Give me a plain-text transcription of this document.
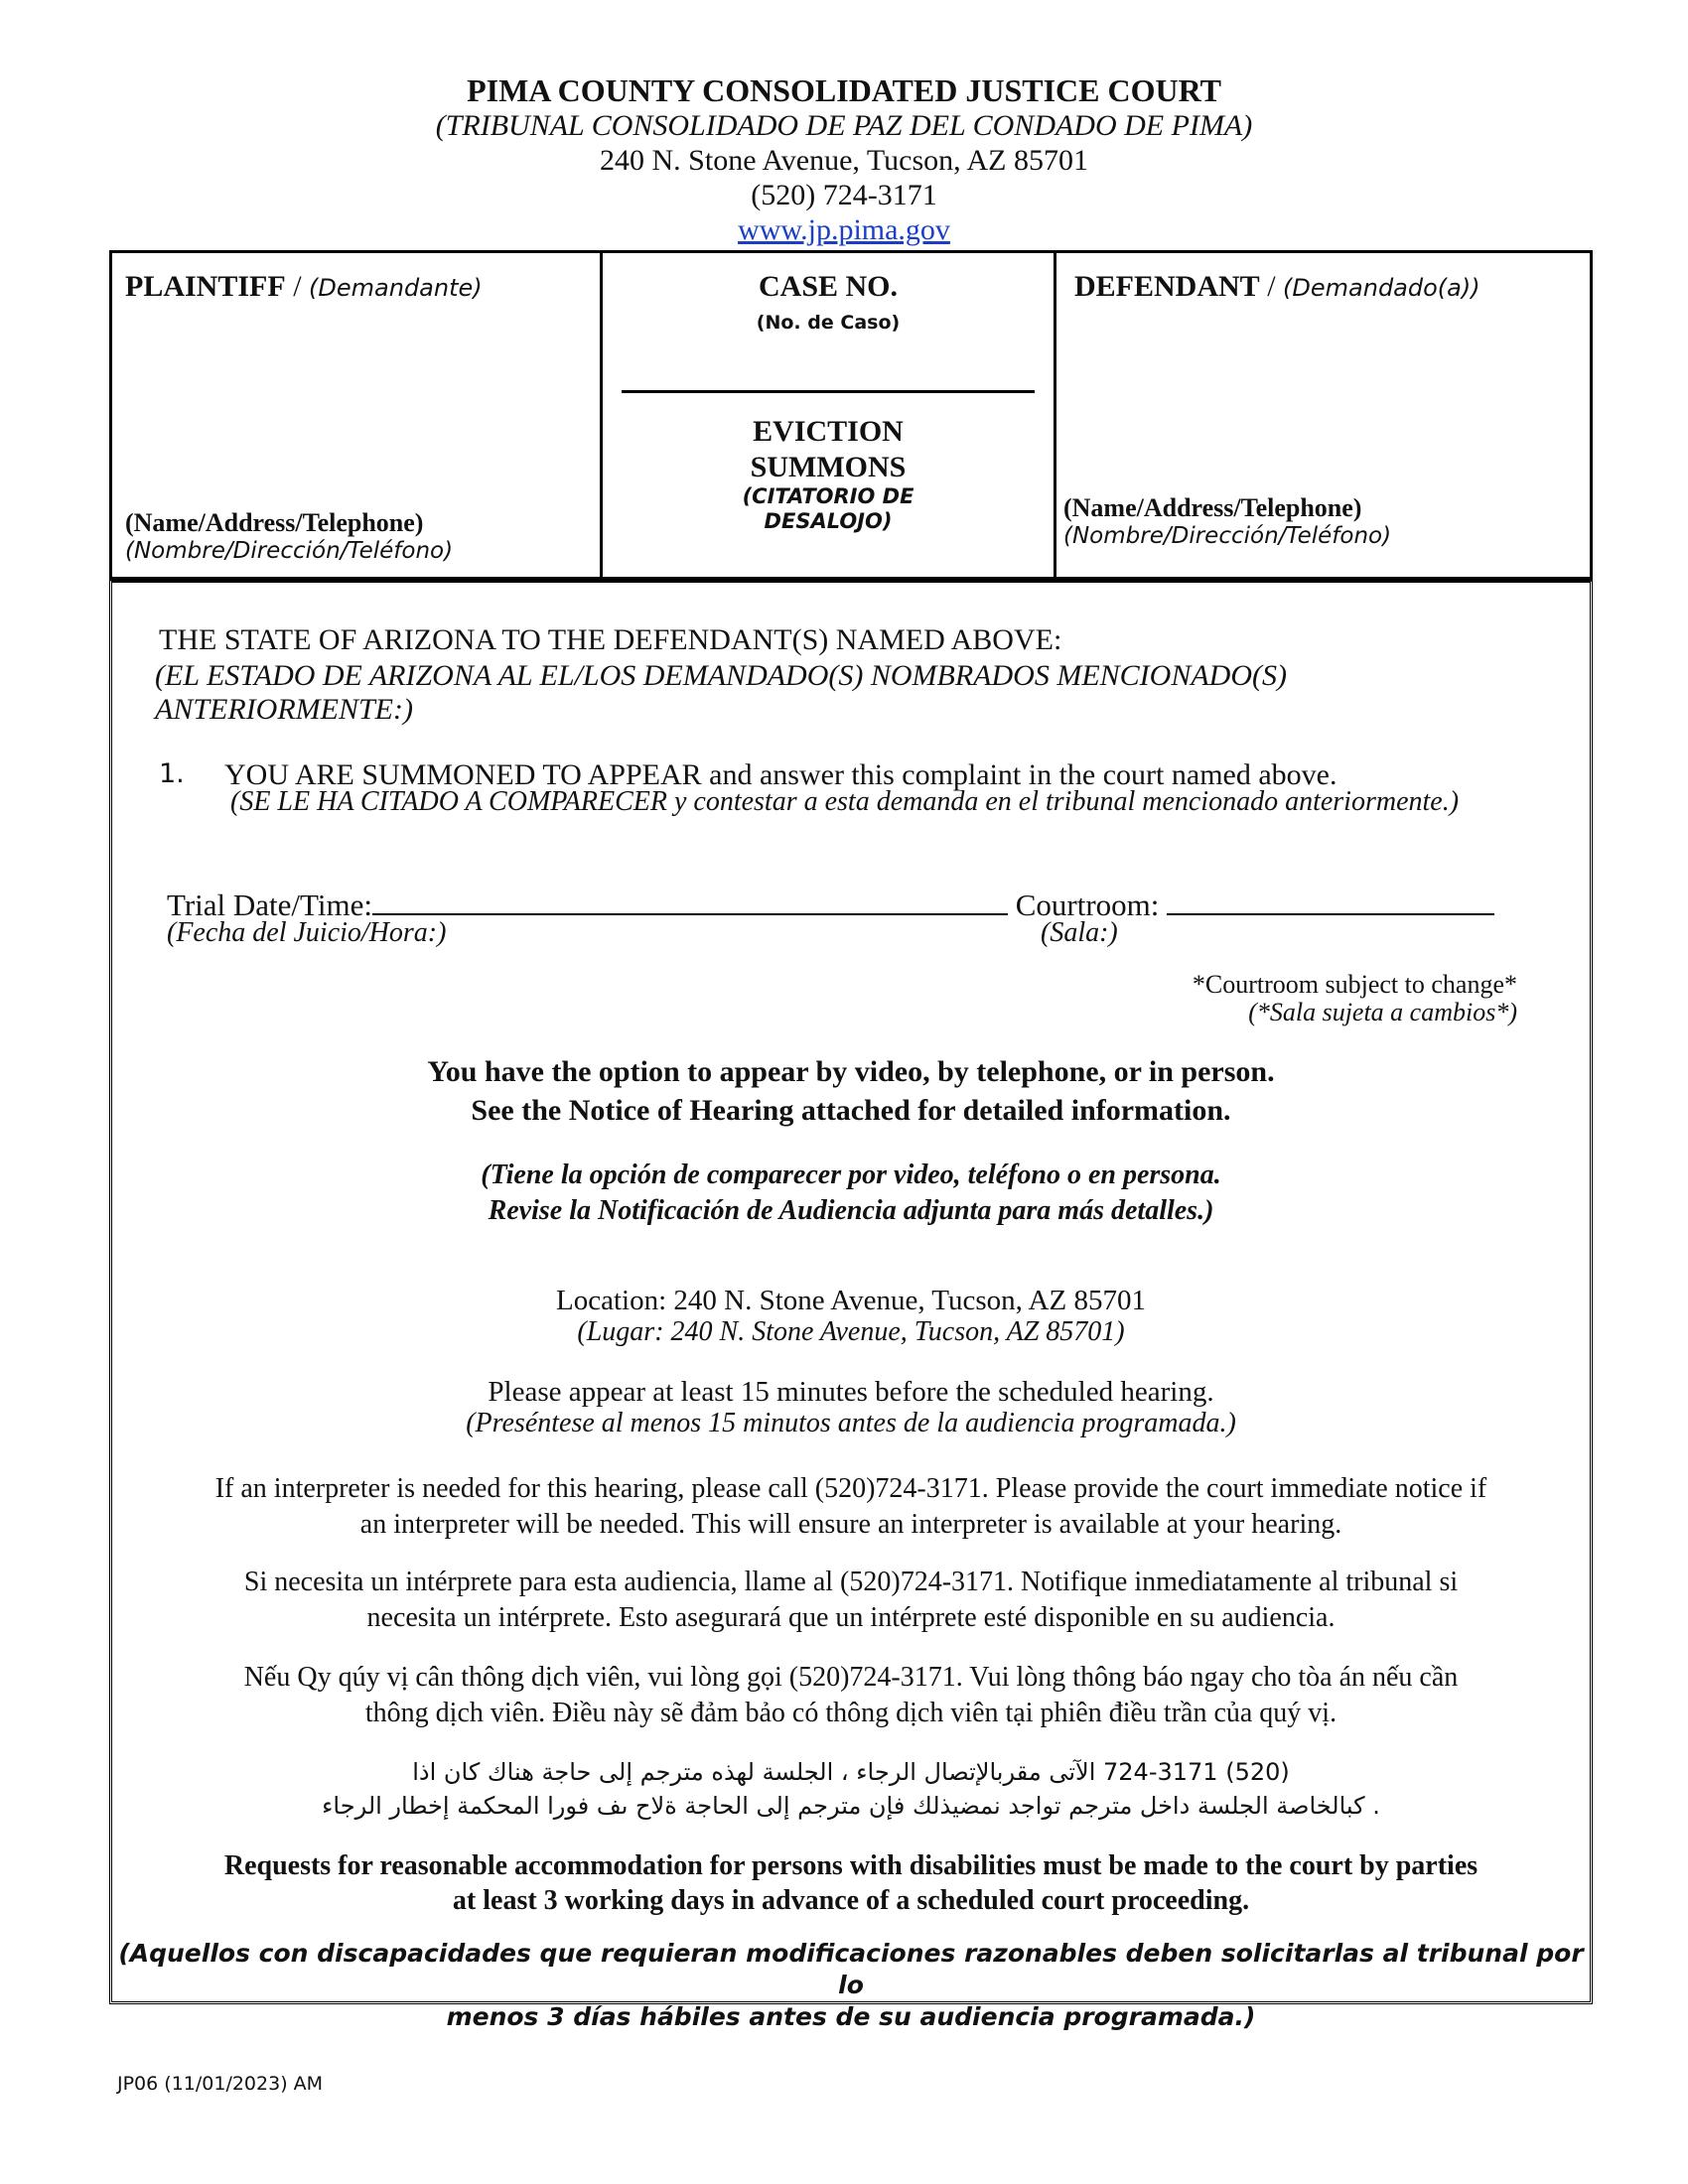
PIMA COUNTY CONSOLIDATED JUSTICE COURT
(TRIBUNAL CONSOLIDADO DE PAZ DEL CONDADO DE PIMA)
240 N. Stone Avenue, Tucson, AZ 85701
(520) 724-3171
www.jp.pima.gov
PLAINTIFF / (Demandante)
(Name/Address/Telephone)
(Nombre/Dirección/Teléfono)
CASE NO.
(No. de Caso)
EVICTION
SUMMONS
(CITATORIO DE
DESALOJO)
DEFENDANT / (Demandado(a))
(Name/Address/Telephone)
(Nombre/Dirección/Teléfono)
THE STATE OF ARIZONA TO THE DEFENDANT(S) NAMED ABOVE:
(EL ESTADO DE ARIZONA AL EL/LOS DEMANDADO(S) NOMBRADOS MENCIONADO(S)
ANTERIORMENTE:)
1. YOU ARE SUMMONED TO APPEAR and answer this complaint in the court named above.
(SE LE HA CITADO A COMPARECER y contestar a esta demanda en el tribunal mencionado anteriormente.)
Trial Date/Time:	Courtroom:
(Fecha del Juicio/Hora:)	(Sala:)
*Courtroom subject to change*
(*Sala sujeta a cambios*)
You have the option to appear by video, by telephone, or in person.
See the Notice of Hearing attached for detailed information.
(Tiene la opción de comparecer por video, teléfono o en persona.
Revise la Notificación de Audiencia adjunta para más detalles.)
Location: 240 N. Stone Avenue, Tucson, AZ 85701
(Lugar: 240 N. Stone Avenue, Tucson, AZ 85701)
Please appear at least 15 minutes before the scheduled hearing.
(Preséntese al menos 15 minutos antes de la audiencia programada.)
If an interpreter is needed for this hearing, please call (520)724-3171. Please provide the court immediate notice if
an interpreter will be needed. This will ensure an interpreter is available at your hearing.
Si necesita un intérprete para esta audiencia, llame al (520)724-3171. Notifique inmediatamente al tribunal si
necesita un intérprete. Esto asegurará que un intérprete esté disponible en su audiencia.
Nếu Qy qúy vị cân thông dịch viên, vui lòng gọi (520)724-3171. Vui lòng thông báo ngay cho tòa án nếu cần
thông dịch viên. Điều này sẽ đảm bảo có thông dịch viên tại phiên điều trần của quý vị.
(520) 724-3171 الآتی مقربالإتصال الرجاء ، الجلسة لهذه مترجم إلى حاجة هناك كان اذا
. كبالخاصة الجلسة داخل مترجم تواجد نمضيذلك فإن مترجم إلى الحاجة ةلاح ىف فورا المحكمة إخطار الرجاء
Requests for reasonable accommodation for persons with disabilities must be made to the court by parties
at least 3 working days in advance of a scheduled court proceeding.
(Aquellos con discapacidades que requieran modificaciones razonables deben solicitarlas al tribunal por lo
menos 3 días hábiles antes de su audiencia programada.)
JP06 (11/01/2023) AM
